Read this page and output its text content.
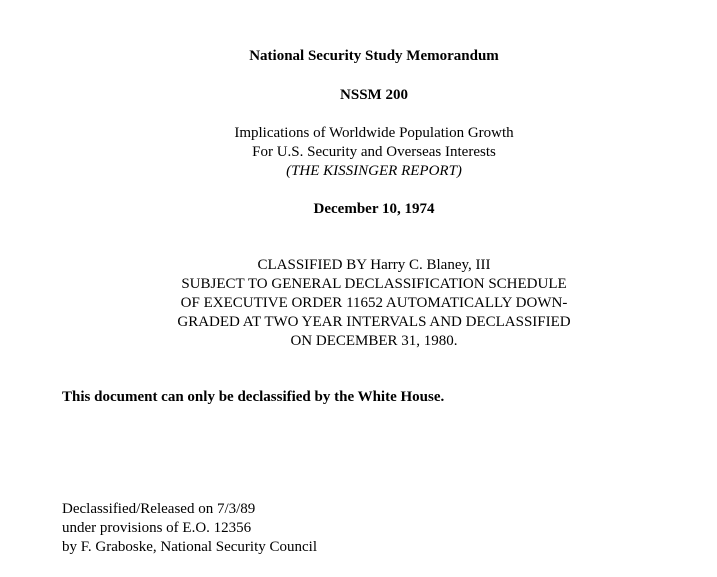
National Security Study Memorandum
NSSM 200
Implications of Worldwide Population Growth
For U.S. Security and Overseas Interests
(THE KISSINGER REPORT)
December 10, 1974
CLASSIFIED BY Harry C. Blaney, III
SUBJECT TO GENERAL DECLASSIFICATION SCHEDULE
OF EXECUTIVE ORDER 11652 AUTOMATICALLY DOWN-
GRADED AT TWO YEAR INTERVALS AND DECLASSIFIED
ON DECEMBER 31, 1980.
This document can only be declassified by the White House.
Declassified/Released on 7/3/89
under provisions of E.O. 12356
by F. Graboske, National Security Council
